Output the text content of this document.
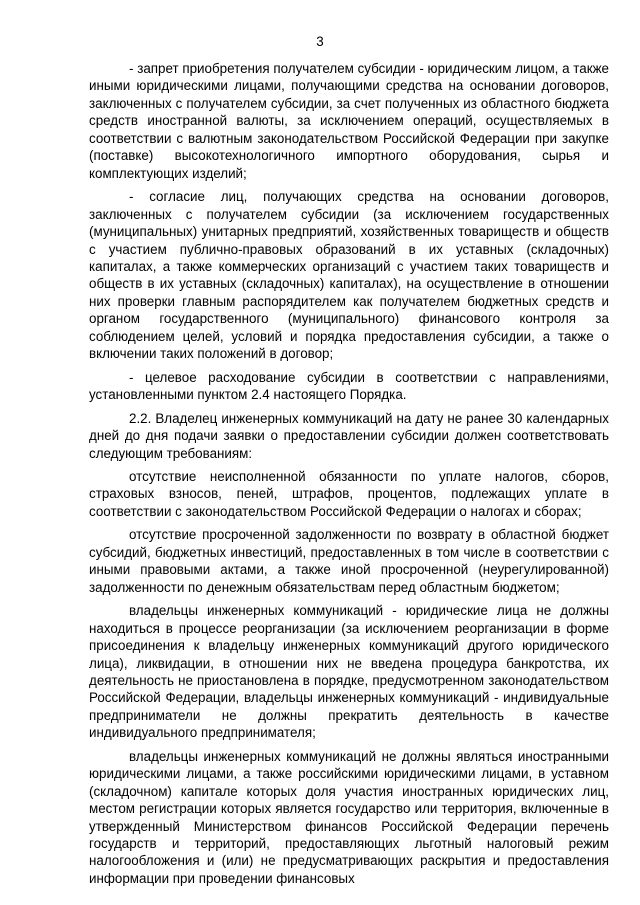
3

- запрет приобретения получателем субсидии - юридическим лицом, а также иными юридическими лицами, получающими средства на основании договоров, заключенных с получателем субсидии, за счет полученных из областного бюджета средств иностранной валюты, за исключением операций, осуществляемых в соответствии с валютным законодательством Российской Федерации при закупке (поставке) высокотехнологичного импортного оборудования, сырья и комплектующих изделий;

- согласие лиц, получающих средства на основании договоров, заключенных с получателем субсидии (за исключением государственных (муниципальных) унитарных предприятий, хозяйственных товариществ и обществ с участием публично-правовых образований в их уставных (складочных) капиталах, а также коммерческих организаций с участием таких товариществ и обществ в их уставных (складочных) капиталах), на осуществление в отношении них проверки главным распорядителем как получателем бюджетных средств и органом государственного (муниципального) финансового контроля за соблюдением целей, условий и порядка предоставления субсидии, а также о включении таких положений в договор;

- целевое расходование субсидии в соответствии с направлениями, установленными пунктом 2.4 настоящего Порядка.

2.2. Владелец инженерных коммуникаций на дату не ранее 30 календарных дней до дня подачи заявки о предоставлении субсидии должен соответствовать следующим требованиям:

отсутствие неисполненной обязанности по уплате налогов, сборов, страховых взносов, пеней, штрафов, процентов, подлежащих уплате в соответствии с законодательством Российской Федерации о налогах и сборах;

отсутствие просроченной задолженности по возврату в областной бюджет субсидий, бюджетных инвестиций, предоставленных в том числе в соответствии с иными правовыми актами, а также иной просроченной (неурегулированной) задолженности по денежным обязательствам перед областным бюджетом;

владельцы инженерных коммуникаций - юридические лица не должны находиться в процессе реорганизации (за исключением реорганизации в форме присоединения к владельцу инженерных коммуникаций другого юридического лица), ликвидации, в отношении них не введена процедура банкротства, их деятельность не приостановлена в порядке, предусмотренном законодательством Российской Федерации, владельцы инженерных коммуникаций - индивидуальные предприниматели не должны прекратить деятельность в качестве индивидуального предпринимателя;

владельцы инженерных коммуникаций не должны являться иностранными юридическими лицами, а также российскими юридическими лицами, в уставном (складочном) капитале которых доля участия иностранных юридических лиц, местом регистрации которых является государство или территория, включенные в утвержденный Министерством финансов Российской Федерации перечень государств и территорий, предоставляющих льготный налоговый режим налогообложения и (или) не предусматривающих раскрытия и предоставления информации при проведении финансовых
